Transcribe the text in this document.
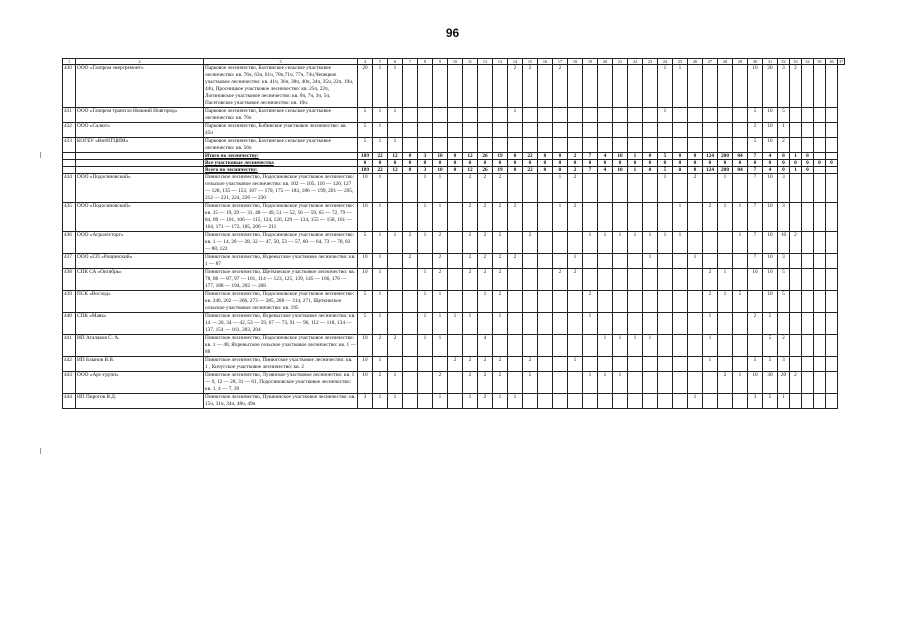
96
1	2	3	4	5	6	7	8	9	10	11	12	13	14	15	16	17	18	19	20	21	22	23	24	25	26	27	28	29	30	31	32	33	34	35	36	37
430	ООО «Газпром энергремонт»	Парковое лесничество, Бахтинское сельское участковое лесничество: кв. 76ч, 63ч, 61ч, 78ч,71ч, 77ч, 74ч,Чепецкое участковое лесничество: кв. 41ч, 36ч, 38ч, 40ч, 34ч, 35ч, 22ч, 19ч, 44ч, Просницкое участковое лесничество: кв. 25ч, 22ч, Логиновское участковое лесничество: кв. 8ч, 7ч, 3ч, 5ч, Пасеговское участковое лесничество: кв. 10ч.	20	1	1								2	2		2							1	1					10	20	3	2				
431	ООО «Газпром трансгаз Нижний Новгород»	Парковое лесничество, Бахтинское сельское участковое лесничество: кв. 76ч	5	1	1								1										1						5	10	5					
432	ООО «Салют»	Парковое лесничество, Бобинское участковое лесничество: кв. 45ч	5	1																									2	10	1					
433	КОГБУ «ВятНТЦИМ»	Парковое лесничество, Бахтинское сельское участковое лесничество: кв. 56ч	5	1	1																								5	10	2					
		Итого по лесничеству:	189	22	12	8	3	10	0	12	26	19	0	22	0	0	2	7	4	10	1	0	5	0	8	124	200	84	7	4	0	1	0			
		Все участковые лесничества	0	0	0	0	0	0	0	0	0	0	0	0	0	0	0	0	0	0	0	0	0	0	0	0	0	0	0	0	0	0	0	0	0	
		Всего по лесничеству:	189	22	12	8	3	10	0	12	26	19	0	22	0	0	2	7	4	10	1	0	5	0	8	124	200	84	7	4	0	1	0			
434	ООО «Подосиновский»	Пинюгское лесничество, Подосиновское участковое лесничество: сельское участковое лесничество: кв. 102 — 105, 116 — 120, 127 — 128, 135 — 153, 167 — 170, 175 — 183, 186 — 199, 201 — 205, 212 — 221, 224, 226 — 230	10	1			1	1		2	2	2				1	2						1		2		1		7	10	3					
435	ООО «Подосиновский»	Пинюгское лесничество, Подосиновское участковое лесничество: кв. 15 — 19, 29 — 31, 48 — 49, 51 — 52, 56 — 59, 65 — 72, 79 — 84, 89 — 101, 106 — 115, 124, 126, 129 — 134, 155 — 158, 161 — 164, 171 — 172, 185, 206 — 211	10	1			1	1		2	2	2	2			1	2							1		2	1	1	7	10	3					
436	ООО «Агролесторг»	Пинюгское лесничество, Подосиновское участковое лесничество: кв. 1 — 14, 20 — 28, 32 — 47, 50, 53 — 57, 60 — 64, 73 — 78, 83 — 88, 122	5	1	1	2	1	2		2	2	2		2				1	1	1	1	1	1	1				1	7	10	10	2				
437	ООО «СП «Рощинский»	Пинюгское лесничество, Яхреньгское участковое лесничество: кв. 1 — 87	10	1		2		2		2	2	2	2				1					1			1				7	10	3					
438	СПК СА «Октябрь»	Пинюгское лесничество, Щеткинское участковое лесничество: кв. 78, 86 — 87, 97 — 101, 114 — 123, 125, 139, 145 — 166, 176 — 177, 188 — 194, 202 — 208	10	1			1	2		2	2	2				2	2									2	1		10	10	5					
439	ПСК «Восход»	Пинюгское лесничество, Подосиновское участковое лесничество: кв. 246, 202 — 266, 273 — 285, 288 — 314, 271, Щеткинское сельское участковое лесничество: кв. 195	5	1			1	1			1	2						2								2	1	5		10	5					
440	СПК «Маяк»	Пинюгское лесничество, Яхреньгское участковое лесничество: кв. 14 — 20, 34 — 42, 53 — 59, 67 — 73, 91 — 96, 112 — 118, 134 — 137, 154 — 161, 203, 204	5	1			1	1	1	1		1						1								1			2	5						
441	ИП Агалаков С. А.	Пинюгское лесничество, Подосиновское участковое лесничество: кв. 1 — 48, Яхреньгское сельское участковое лесничество: кв. 1 — 88	10	2	2		1	1			4								1	1	1	1				1				5	2					
442	ИП Блынов В.В.	Пинюгское лесничество, Пинюгское участковое лесничество: кв. 1 , Кичугское участковое лесничество: кв. 2	10	1					2	2	2	2		2			1									1			5	5	3					
443	ООО «Арс-групп»	Пинюгское лесничество, Лузянское участковое лесничество: кв. 1 — 9, 12 — 28, 31 — 61, Подосиновское участковое лесничество: кв. 1, 4 — 7, 39	10	2	1			2		2	2	2		5				1	1	1							2	1	10	30	20	2				
444	ИП Пирогов В.Д.	Пинюгское лесничество, Пушкинское участковое лесничество: кв. 15ч, 31ч, 34ч, 48ч, 49ч	3	1	1			1		1	2	1	1												1				3	5	1					
